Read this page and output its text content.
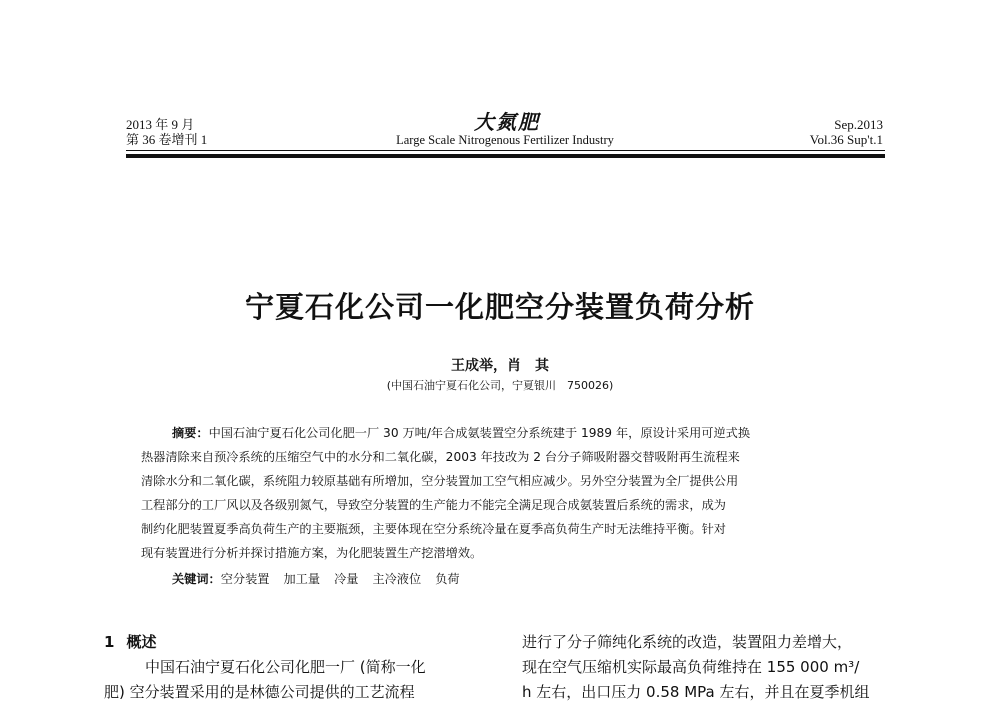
2013 年 9 月
第 36 卷增刊 1
大氮肥
Large Scale Nitrogenous Fertilizer Industry
Sep.2013
Vol.36 Sup't.1
宁夏石化公司一化肥空分装置负荷分析
王成举，肖　其
(中国石油宁夏石化公司，宁夏银川　750026)
摘要：中国石油宁夏石化公司化肥一厂 30 万吨/年合成氨装置空分系统建于 1989 年，原设计采用可逆式换
热器清除来自预冷系统的压缩空气中的水分和二氧化碳，2003 年技改为 2 台分子筛吸附器交替吸附再生流程来
清除水分和二氧化碳，系统阻力较原基础有所增加，空分装置加工空气相应减少。另外空分装置为全厂提供公用
工程部分的工厂风以及各级别氮气，导致空分装置的生产能力不能完全满足现合成氨装置后系统的需求，成为
制约化肥装置夏季高负荷生产的主要瓶颈，主要体现在空分系统冷量在夏季高负荷生产时无法维持平衡。针对
现有装置进行分析并探讨措施方案，为化肥装置生产挖潜增效。
关键词：空分装置 加工量 冷量 主冷液位 负荷
1 概述
中国石油宁夏石化公司化肥一厂 (简称一化
肥) 空分装置采用的是林德公司提供的工艺流程
进行了分子筛纯化系统的改造，装置阻力差增大，
现在空气压缩机实际最高负荷维持在 155 000 m³/
h 左右，出口压力 0.58 MPa 左右，并且在夏季机组
